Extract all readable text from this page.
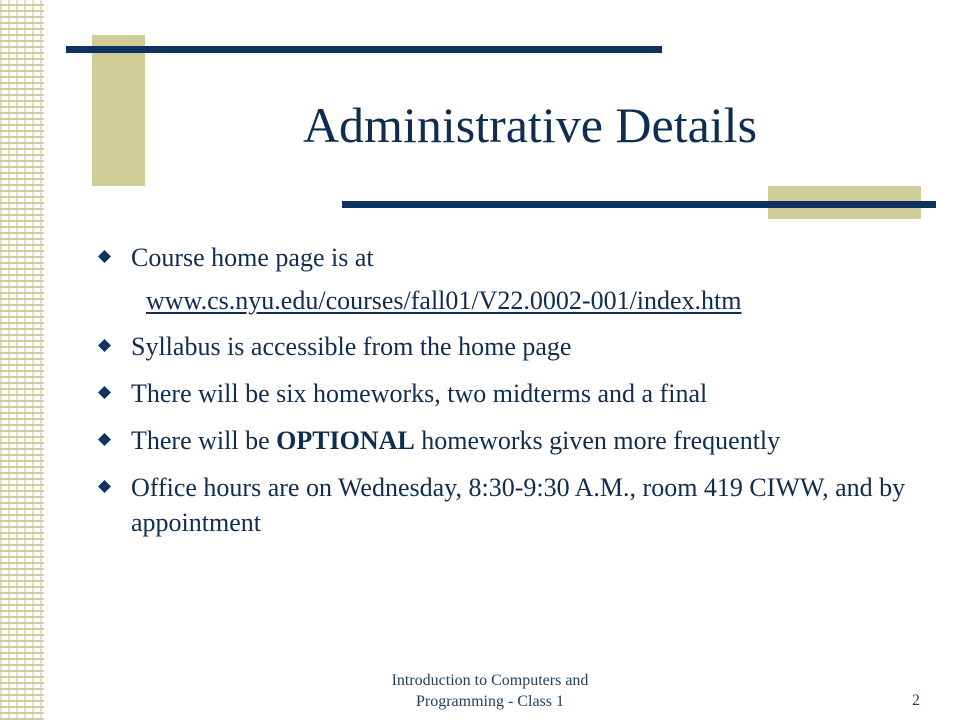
Administrative Details
Course home page is at
www.cs.nyu.edu/courses/fall01/V22.0002-001/index.htm
Syllabus is accessible from the home page
There will be six homeworks, two midterms and a final
There will be OPTIONAL homeworks given more frequently
Office hours are on Wednesday, 8:30-9:30 A.M., room 419 CIWW, and by appointment
Introduction to Computers and
Programming - Class 1	2
